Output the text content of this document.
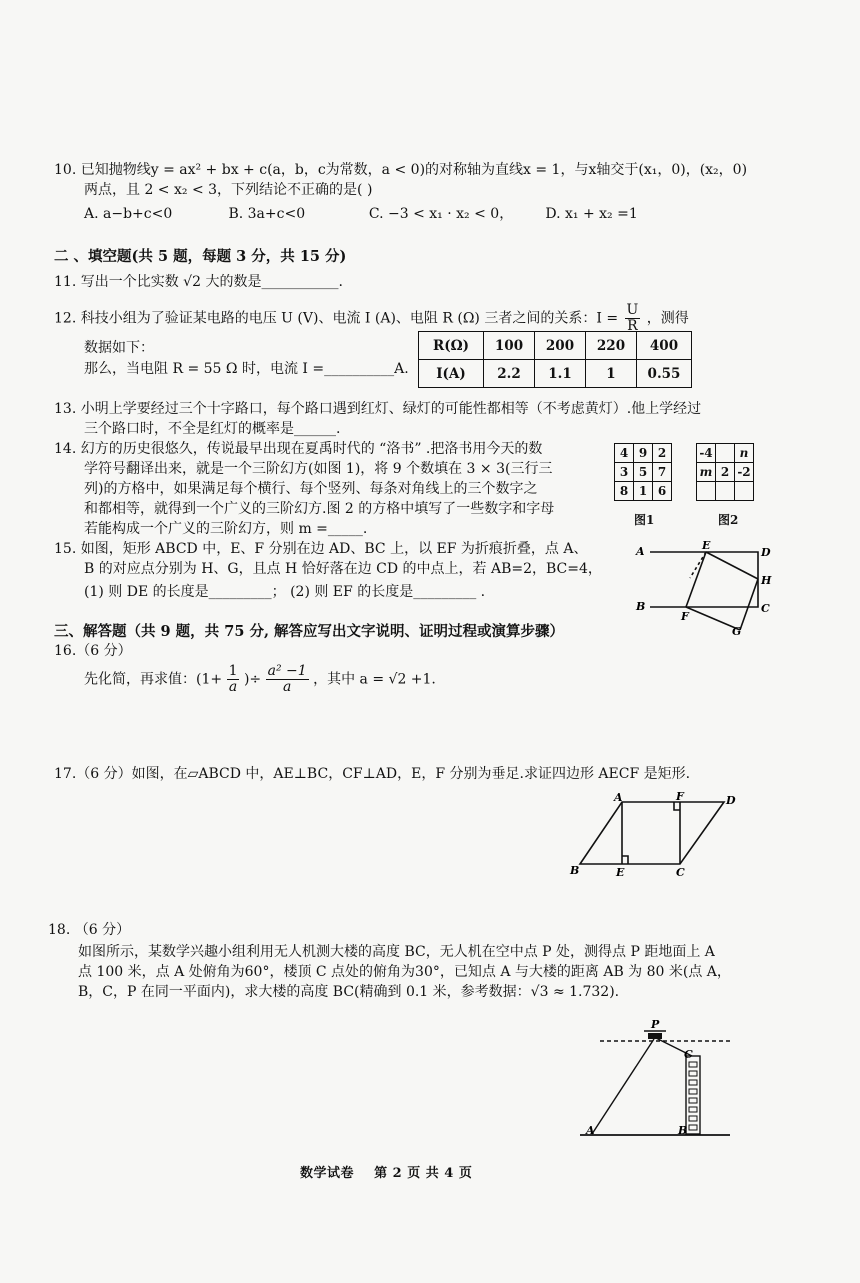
10. 已知抛物线y = ax² + bx + c(a，b，c为常数，a < 0)的对称轴为直线x = 1，与x轴交于(x₁，0)，(x₂，0)
两点，且 2 < x₂ < 3，下列结论不正确的是( )
A. a−b+c<0	B. 3a+c<0	C. −3 < x₁ · x₂ < 0， D. x₁ + x₂ =1
二 、填空题(共 5 题，每题 3 分，共 15 分)
11. 写出一个比实数 √2 大的数是___________.
12. 科技小组为了验证某电路的电压 U (V)、电流 I (A)、电阻 R (Ω) 三者之间的关系：$I = \frac{U}{R}$ ，测得
数据如下：
那么，当电阻 R = 55 Ω 时，电流 I =__________A.
R(Ω)	100	200	220	400
I(A)	2.2	1.1	1	0.55
13. 小明上学要经过三个十字路口，每个路口遇到红灯、绿灯的可能性都相等（不考虑黄灯）.他上学经过
三个路口时，不全是红灯的概率是______.
14. 幻方的历史很悠久，传说最早出现在夏禹时代的 “洛书” .把洛书用今天的数
学符号翻译出来，就是一个三阶幻方(如图 1)，将 9 个数填在 3 × 3(三行三
列)的方格中，如果满足每个横行、每个竖列、每条对角线上的三个数字之
和都相等，就得到一个广义的三阶幻方.图 2 的方格中填写了一些数字和字母
若能构成一个广义的三阶幻方，则 m =_____.
4	9	2
3	5	7
8	1	6
图1
-4		n
m	2	-2

图2
15. 如图，矩形 ABCD 中，E、F 分别在边 AD、BC 上，以 EF 为折痕折叠，点 A、
B 的对应点分别为 H、G，且点 H 恰好落在边 CD 的中点上，若 AB=2，BC=4，
(1) 则 DE 的长度是_________； (2) 则 EF 的长度是_________ .
A	E
D
H
B
F
C
G
三、解答题（共 9 题，共 75 分, 解答应写出文字说明、证明过程或演算步骤）
16.（6 分）
先化简，再求值：($1+ \frac{1}{a}$ )÷ $\frac{\text{a² −1}}{a}$ ，其中 a = √2 +1.
17.（6 分）如图，在▱ABCD 中，AE⊥BC，CF⊥AD，E，F 分别为垂足.求证四边形 AECF 是矩形.
A	F	D
B	E	C
18. （6 分）
如图所示，某数学兴趣小组利用无人机测大楼的高度 BC，无人机在空中点 P 处，测得点 P 距地面上 A
点 100 米，点 A 处俯角为60°，楼顶 C 点处的俯角为30°，已知点 A 与大楼的距离 AB 为 80 米(点 A，
B，C，P 在同一平面内)，求大楼的高度 BC(精确到 0.1 米，参考数据：√3 ≈ 1.732).
P
C
A	B
数学试卷    第 2 页 共 4 页
